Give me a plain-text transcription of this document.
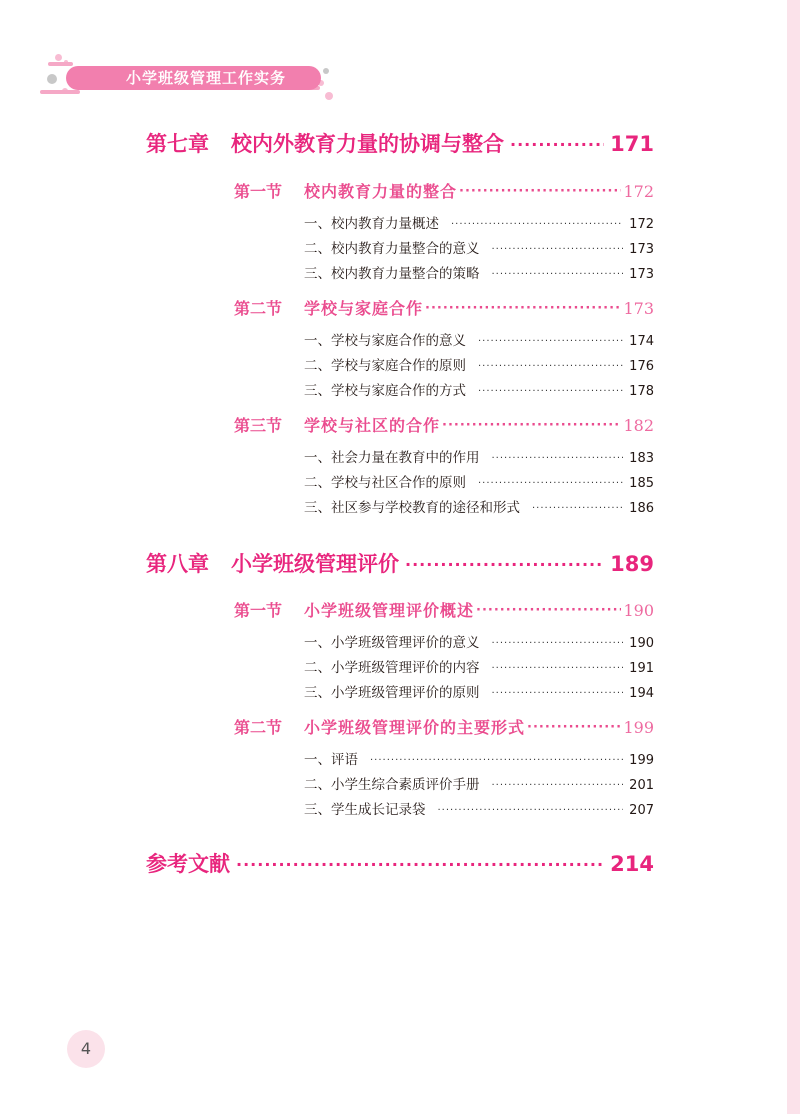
小学班级管理工作实务
第七章 校内外教育力量的协调与整合 ·····	171
第一节 校内教育力量的整合 ·····	172
一、校内教育力量概述 ·····	172
二、校内教育力量整合的意义 ·····	173
三、校内教育力量整合的策略 ·····	173
第二节 学校与家庭合作 ·····	173
一、学校与家庭合作的意义 ·····	174
二、学校与家庭合作的原则 ·····	176
三、学校与家庭合作的方式 ·····	178
第三节 学校与社区的合作 ·····	182
一、社会力量在教育中的作用 ·····	183
二、学校与社区合作的原则 ·····	185
三、社区参与学校教育的途径和形式 ·····	186
第八章 小学班级管理评价 ·····	189
第一节 小学班级管理评价概述 ·····	190
一、小学班级管理评价的意义 ·····	190
二、小学班级管理评价的内容 ·····	191
三、小学班级管理评价的原则 ·····	194
第二节 小学班级管理评价的主要形式 ·····	199
一、评语 ·····	199
二、小学生综合素质评价手册 ·····	201
三、学生成长记录袋 ·····	207
参考文献 ·····	214
4
